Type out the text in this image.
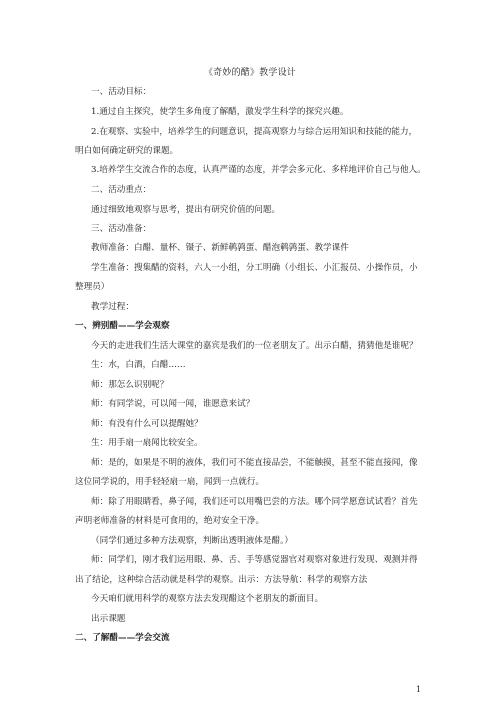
《奇妙的醋》教学设计
一、活动目标：
1.通过自主探究，使学生多角度了解醋，激发学生科学的探究兴趣。
2.在观察、实验中，培养学生的问题意识，提高观察力与综合运用知识和技能的能力，
明白如何确定研究的课题。
3.培养学生交流合作的态度，认真严谨的态度，并学会多元化、多样地评价自己与他人。
二、活动重点：
通过细致地观察与思考，提出有研究价值的问题。
三、活动准备：
教师准备：白醋、量杯、镊子、新鲜鹌鹑蛋、醋泡鹌鹑蛋、教学课件
学生准备：搜集醋的资料，六人一小组，分工明确（小组长、小汇报员、小操作员，小
整理员）
教学过程：
一、辨别醋——学会观察
今天的走进我们生活大课堂的嘉宾是我们的一位老朋友了。出示白醋，猜猜他是谁呢？
生：水，白酒，白醋……
师：那怎么识别呢？
师：有同学说，可以闻一闻，谁愿意来试？
师：有没有什么可以提醒她？
生：用手扇一扇闻比较安全。
师：是的，如果是不明的液体，我们可不能直接品尝，不能触摸，甚至不能直接闻，像
这位同学说的，用手轻轻扇一扇，闻到一点就行。
师：除了用眼睛看，鼻子闻，我们还可以用嘴巴尝的方法。哪个同学愿意试试看？首先
声明老师准备的材料是可食用的，绝对安全干净。
（同学们通过多种方法观察，判断出透明液体是醋。）
师：同学们，刚才我们运用眼、鼻、舌、手等感觉器官对观察对象进行发现、观测并得
出了结论，这种综合活动就是科学的观察。出示：方法导航：科学的观察方法
今天咱们就用科学的观察方法去发现醋这个老朋友的新面目。
出示课题
二、了解醋——学会交流
1
